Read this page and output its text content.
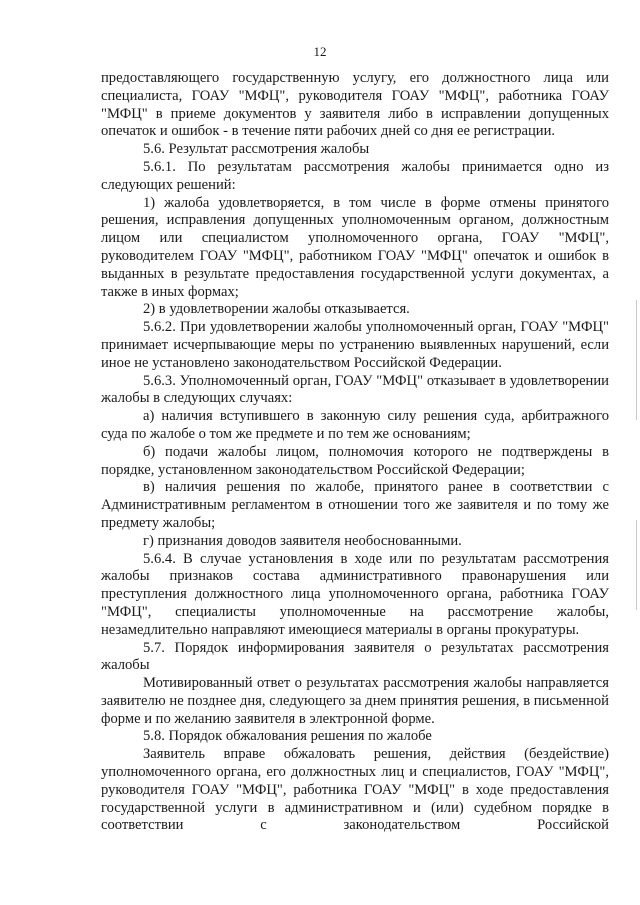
12

предоставляющего государственную услугу, его должностного лица или специалиста, ГОАУ "МФЦ", руководителя ГОАУ "МФЦ", работника ГОАУ "МФЦ" в приеме документов у заявителя либо в исправлении допущенных опечаток и ошибок - в течение пяти рабочих дней со дня ее регистрации.

5.6. Результат рассмотрения жалобы

5.6.1. По результатам рассмотрения жалобы принимается одно из следующих решений:

1) жалоба удовлетворяется, в том числе в форме отмены принятого решения, исправления допущенных уполномоченным органом, должностным лицом или специалистом уполномоченного органа, ГОАУ "МФЦ", руководителем ГОАУ "МФЦ", работником ГОАУ "МФЦ" опечаток и ошибок в выданных в результате предоставления государственной услуги документах, а также в иных формах;

2) в удовлетворении жалобы отказывается.

5.6.2. При удовлетворении жалобы уполномоченный орган, ГОАУ "МФЦ" принимает исчерпывающие меры по устранению выявленных нарушений, если иное не установлено законодательством Российской Федерации.

5.6.3. Уполномоченный орган, ГОАУ "МФЦ" отказывает в удовлетворении жалобы в следующих случаях:

а) наличия вступившего в законную силу решения суда, арбитражного суда по жалобе о том же предмете и по тем же основаниям;

б) подачи жалобы лицом, полномочия которого не подтверждены в порядке, установленном законодательством Российской Федерации;

в) наличия решения по жалобе, принятого ранее в соответствии с Административным регламентом в отношении того же заявителя и по тому же предмету жалобы;

г) признания доводов заявителя необоснованными.

5.6.4. В случае установления в ходе или по результатам рассмотрения жалобы признаков состава административного правонарушения или преступления должностного лица уполномоченного органа, работника ГОАУ "МФЦ", специалисты уполномоченные на рассмотрение жалобы, незамедлительно направляют имеющиеся материалы в органы прокуратуры.

5.7. Порядок информирования заявителя о результатах рассмотрения жалобы

Мотивированный ответ о результатах рассмотрения жалобы направляется заявителю не позднее дня, следующего за днем принятия решения, в письменной форме и по желанию заявителя в электронной форме.

5.8. Порядок обжалования решения по жалобе

Заявитель вправе обжаловать решения, действия (бездействие) уполномоченного органа, его должностных лиц и специалистов, ГОАУ "МФЦ", руководителя ГОАУ "МФЦ", работника ГОАУ "МФЦ" в ходе предоставления государственной услуги в административном и (или) судебном порядке в соответствии с законодательством Российской
